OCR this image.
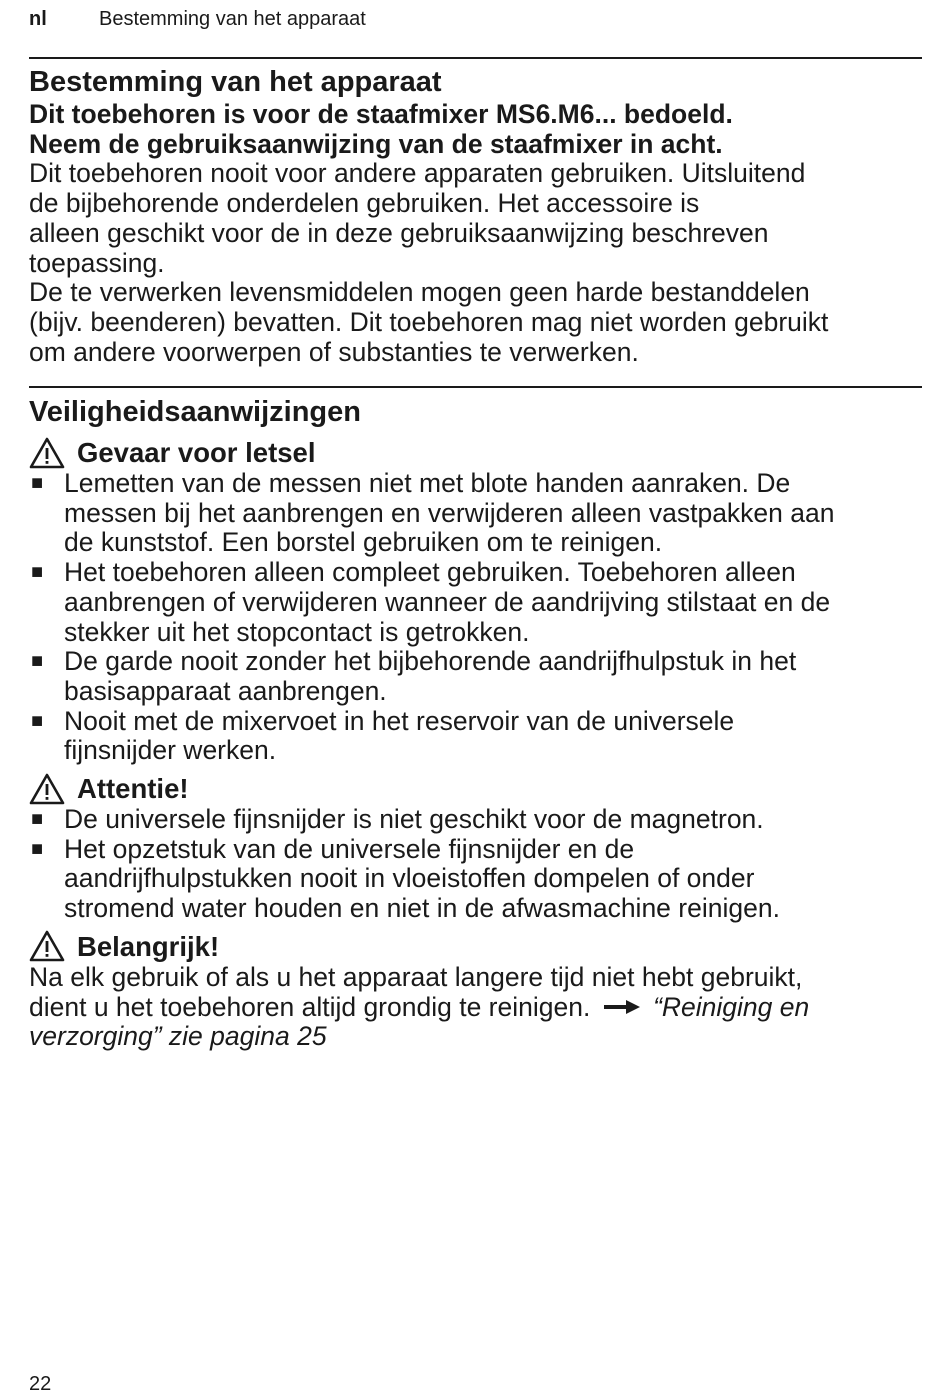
nl	Bestemming van het apparaat
Bestemming van het apparaat

Dit toebehoren is voor de staafmixer MS6.M6... bedoeld.

Neem de gebruiksaanwijzing van de staafmixer in acht.

Dit toebehoren nooit voor andere apparaten gebruiken. Uitsluitend
de bijbehorende onderdelen gebruiken. Het accessoire is
alleen geschikt voor de in deze gebruiksaanwijzing beschreven
toepassing.

De te verwerken levensmiddelen mogen geen harde bestanddelen
(bijv. beenderen) bevatten. Dit toebehoren mag niet worden gebruikt
om andere voorwerpen of substanties te verwerken.

Veiligheidsaanwijzingen
Gevaar voor letsel
■ Lemetten van de messen niet met blote handen aanraken. De
messen bij het aanbrengen en verwijderen alleen vastpakken aan
de kunststof. Een borstel gebruiken om te reinigen.
■ Het toebehoren alleen compleet gebruiken. Toebehoren alleen
aanbrengen of verwijderen wanneer de aandrijving stilstaat en de
stekker uit het stopcontact is getrokken.
■ De garde nooit zonder het bijbehorende aandrijfhulpstuk in het
basisapparaat aanbrengen.
■ Nooit met de mixervoet in het reservoir van de universele
fijnsnijder werken.
Attentie!
■ De universele fijnsnijder is niet geschikt voor de magnetron.
■ Het opzetstuk van de universele fijnsnijder en de
aandrijfhulpstukken nooit in vloeistoffen dompelen of onder
stromend water houden en niet in de afwasmachine reinigen.
Belangrijk!

Na elk gebruik of als u het apparaat langere tijd niet hebt gebruikt,
dient u het toebehoren altijd grondig te reinigen. “Reiniging en
verzorging” zie pagina 25

22
